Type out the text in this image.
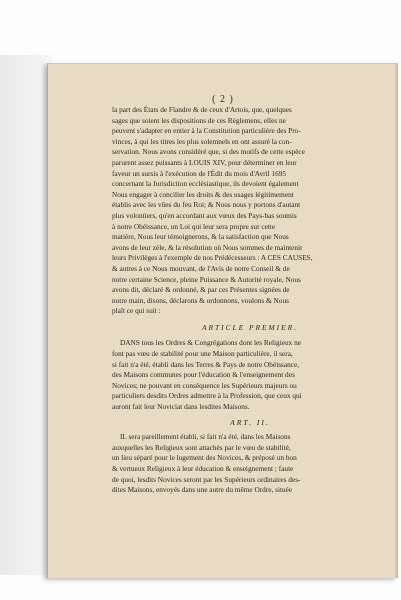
( 2 )
la part des États de Flandre & de ceux d'Artois, que, quelques
sages que soient les dispositions de ces Réglemens, elles ne
peuvent s'adapter en entier à la Constitution particulière des Pro-
vinces, à qui les titres les plus solemnels en ont assuré la con-
servation. Nous avons considéré que, si des motifs de cette espèce
parurent assez puissants à LOUIS XIV, pour déterminer en leur
faveur un sursis à l'exécution de l'Édit du mois d'Avril 1695
concernant la Jurisdiction ecclésiastique, ils devoient également
Nous engager à concilier les droits & des usages légitimement
établis avec les vûes du feu Roi; & Nous nous y portons d'autant
plus volontiers, qu'en accordant aux vœux des Pays-bas soumis
à notre Obéissance, un Loi qui leur sera propre sur cette
matière, Nous leur témoignerons, & la satisfaction que Nous
avons de leur zèle, & la résolution où Nous sommes de maintenir
leurs Privilèges à l'exemple de nos Prédécesseurs : A CES CAUSES,
& autres à ce Nous mouvant, de l'Avis de notre Conseil & de
notre certaine Science, pleine Puissance & Autorité royale, Nous
avons dit, déclaré & ordonné, & par ces Présentes signées de
notre main, disons, déclarons & ordonnons, voulons & Nous
plaît ce qui suit :
ARTICLE PREMIER.
DANS tous les Ordres & Congrégations dont les Religieux ne
font pas vœu de stabilité pour une Maison particulière, il sera,
si fait n'a été, établi dans les Terres & Pays de notre Obéissance,
des Maisons communes pour l'éducation & l'enseignement des
Novices; ne pouvant en conséquence les Supérieurs majeurs ou
particuliers desdits Ordres admettre à la Profession, que ceux qui
auront fait leur Noviciat dans lesdites Maisons.
ART. II.
IL sera pareillement établi, si fait n'a été, dans les Maisons
auxquelles les Religieux sont attachés par le vœu de stabilité,
un lieu séparé pour le logement des Novices, & préposé un bon
& vertueux Religieux à leur éducation & enseignement ; faute
de quoi, lesdits Novices seront par les Supérieurs ordinaires des-
dites Maisons, envoyés dans une autre du même Ordre, située
